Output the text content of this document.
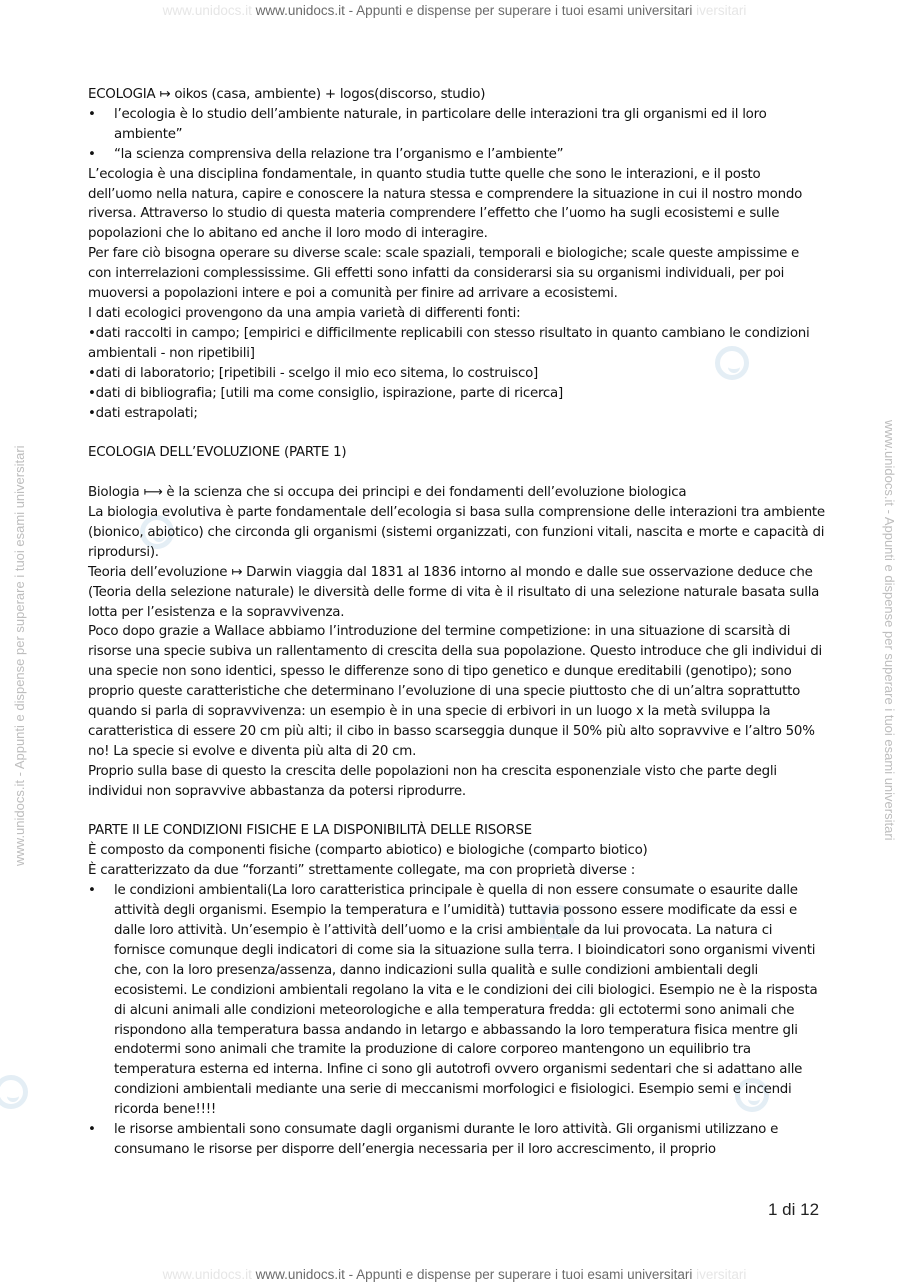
www.unidocs.it www.unidocs.it - Appunti e dispense per superare i tuoi esami universitari iversitari
www.unidocs.it - Appunti e dispense per superare i tuoi esami universitari	www.unidocs.it - Appunti e dispense per superare i tuoi esami universitari

ECOLOGIA ↦ oikos (casa, ambiente) + logos(discorso, studio)

• l’ecologia è lo studio dell’ambiente naturale, in particolare delle interazioni tra gli organismi ed il loro ambiente”
• “la scienza comprensiva della relazione tra l’organismo e l’ambiente”

L’ecologia è una disciplina fondamentale, in quanto studia tutte quelle che sono le interazioni, e il posto dell’uomo nella natura, capire e conoscere la natura stessa e comprendere la situazione in cui il nostro mondo riversa. Attraverso lo studio di questa materia comprendere l’effetto che l’uomo ha sugli ecosistemi e sulle popolazioni che lo abitano ed anche il loro modo di interagire.

Per fare ciò bisogna operare su diverse scale: scale spaziali, temporali e biologiche; scale queste ampissime e con interrelazioni complessissime. Gli effetti sono infatti da considerarsi sia su organismi individuali, per poi muoversi a popolazioni intere e poi a comunità per finire ad arrivare a ecosistemi.

I dati ecologici provengono da una ampia varietà di differenti fonti:

•dati raccolti in campo; [empirici e difficilmente replicabili con stesso risultato in quanto cambiano le condizioni ambientali - non ripetibili]

•dati di laboratorio; [ripetibili - scelgo il mio eco sitema, lo costruisco]

•dati di bibliografia; [utili ma come consiglio, ispirazione, parte di ricerca]

•dati estrapolati;

ECOLOGIA DELL’EVOLUZIONE (PARTE 1)

Biologia ⟼ è la scienza che si occupa dei principi e dei fondamenti dell’evoluzione biologica

La biologia evolutiva è parte fondamentale dell’ecologia si basa sulla comprensione delle interazioni tra ambiente (bionico, abiotico) che circonda gli organismi (sistemi organizzati, con funzioni vitali, nascita e morte e capacità di riprodursi).

Teoria dell’evoluzione ↦ Darwin viaggia dal 1831 al 1836 intorno al mondo e dalle sue osservazione deduce che (Teoria della selezione naturale) le diversità delle forme di vita è il risultato di una selezione naturale basata sulla lotta per l’esistenza e la sopravvivenza.

Poco dopo grazie a Wallace abbiamo l’introduzione del termine competizione: in una situazione di scarsità di risorse una specie subiva un rallentamento di crescita della sua popolazione. Questo introduce che gli individui di una specie non sono identici, spesso le differenze sono di tipo genetico e dunque ereditabili (genotipo); sono proprio queste caratteristiche che determinano l’evoluzione di una specie piuttosto che di un’altra soprattutto quando si parla di sopravvivenza: un esempio è in una specie di erbivori in un luogo x la metà sviluppa la caratteristica di essere 20 cm più alti; il cibo in basso scarseggia dunque il 50% più alto sopravvive e l’altro 50% no! La specie si evolve e diventa più alta di 20 cm.

Proprio sulla base di questo la crescita delle popolazioni non ha crescita esponenziale visto che parte degli individui non sopravvive abbastanza da potersi riprodurre.

PARTE II LE CONDIZIONI FISICHE E LA DISPONIBILITÀ DELLE RISORSE

È composto da componenti fisiche (comparto abiotico) e biologiche (comparto biotico)

È caratterizzato da due “forzanti” strettamente collegate, ma con proprietà diverse :

• le condizioni ambientali(La loro caratteristica principale è quella di non essere consumate o esaurite dalle attività degli organismi. Esempio la temperatura e l’umidità) tuttavia possono essere modificate da essi e dalle loro attività. Un’esempio è l’attività dell’uomo e la crisi ambientale da lui provocata. La natura ci fornisce comunque degli indicatori di come sia la situazione sulla terra. I bioindicatori sono organismi viventi che, con la loro presenza/assenza, danno indicazioni sulla qualità e sulle condizioni ambientali degli ecosistemi. Le condizioni ambientali regolano la vita e le condizioni dei cili biologici. Esempio ne è la risposta di alcuni animali alle condizioni meteorologiche e alla temperatura fredda: gli ectotermi sono animali che rispondono alla temperatura bassa andando in letargo e abbassando la loro temperatura fisica mentre gli endotermi sono animali che tramite la produzione di calore corporeo mantengono un equilibrio tra temperatura esterna ed interna. Infine ci sono gli autotrofi ovvero organismi sedentari che si adattano alle condizioni ambientali mediante una serie di meccanismi morfologici e fisiologici. Esempio semi e incendi ricorda bene!!!!
• le risorse ambientali sono consumate dagli organismi durante le loro attività. Gli organismi utilizzano e consumano le risorse per disporre dell’energia necessaria per il loro accrescimento, il proprio
1 di 12
www.unidocs.it www.unidocs.it - Appunti e dispense per superare i tuoi esami universitari iversitari
